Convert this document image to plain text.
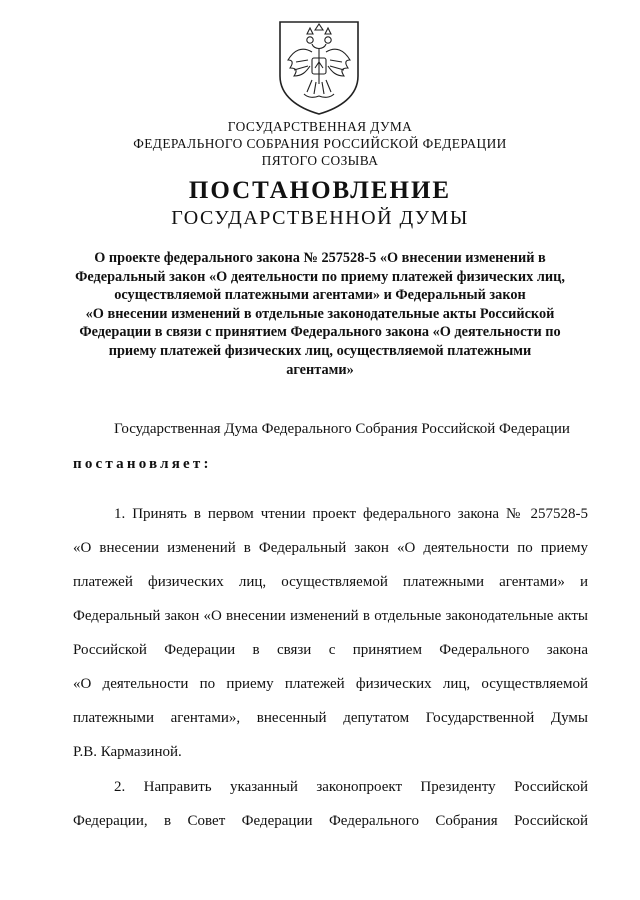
ГОСУДАРСТВЕННАЯ ДУМА
ФЕДЕРАЛЬНОГО СОБРАНИЯ РОССИЙСКОЙ ФЕДЕРАЦИИ
ПЯТОГО СОЗЫВА
ПОСТАНОВЛЕНИЕ
ГОСУДАРСТВЕННОЙ ДУМЫ
О проекте федерального закона № 257528-5 «О внесении изменений в
Федеральный закон «О деятельности по приему платежей физических лиц,
осуществляемой платежными агентами» и Федеральный закон
«О внесении изменений в отдельные законодательные акты Российской
Федерации в связи с принятием Федерального закона «О деятельности по
приему платежей физических лиц, осуществляемой платежными
агентами»
Государственная Дума Федерального Собрания Российской Федерации
постановляет:
1. Принять в первом чтении проект федерального закона № 257528-5
«О внесении изменений в Федеральный закон «О деятельности по приему
платежей физических лиц, осуществляемой платежными агентами» и
Федеральный закон «О внесении изменений в отдельные законодательные акты
Российской Федерации в связи с принятием Федерального закона
«О деятельности по приему платежей физических лиц, осуществляемой
платежными агентами», внесенный депутатом Государственной Думы
Р.В. Кармазиной.
2. Направить указанный законопроект Президенту Российской
Федерации, в Совет Федерации Федерального Собрания Российской
